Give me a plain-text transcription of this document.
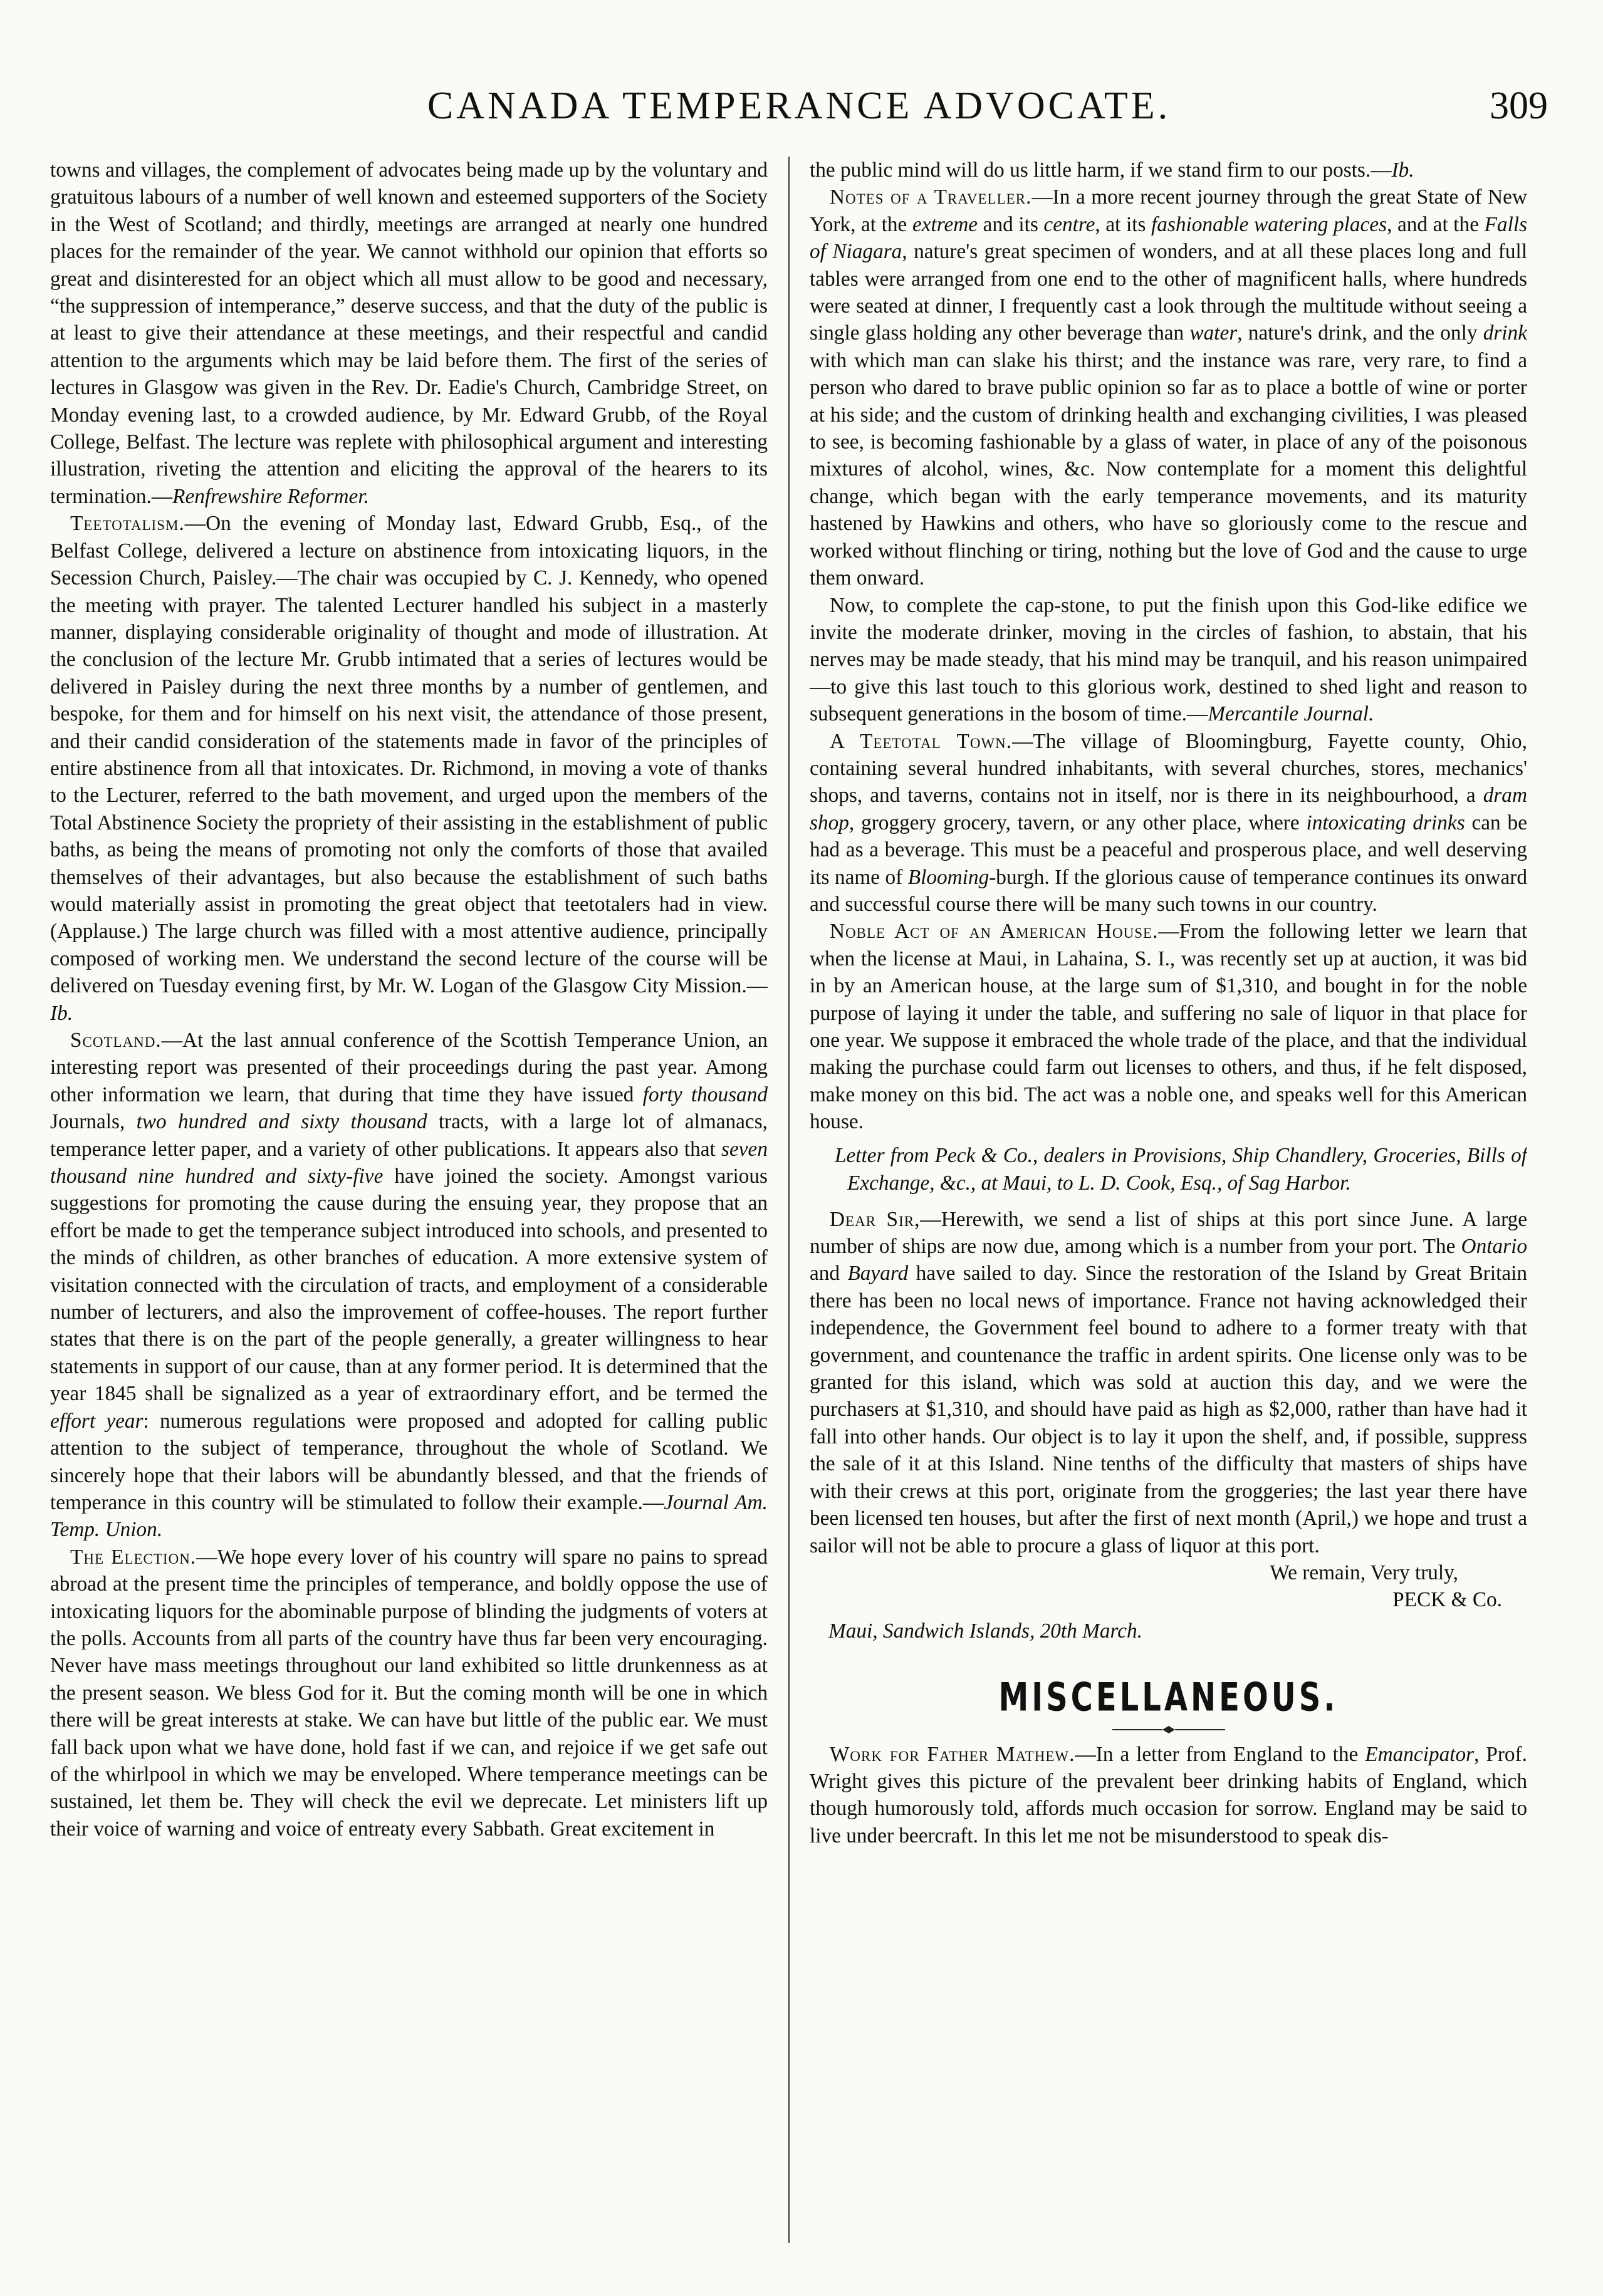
CANADA TEMPERANCE ADVOCATE.	309

towns and villages, the complement of advocates being made up by the voluntary and gratuitous labours of a number of well known and esteemed supporters of the Society in the West of Scotland; and thirdly, meetings are arranged at nearly one hundred places for the remainder of the year. We cannot withhold our opinion that efforts so great and disinterested for an object which all must allow to be good and necessary, “the suppression of intemperance,” deserve success, and that the duty of the public is at least to give their attendance at these meetings, and their respectful and candid attention to the arguments which may be laid before them. The first of the series of lectures in Glasgow was given in the Rev. Dr. Eadie's Church, Cambridge Street, on Monday evening last, to a crowded audience, by Mr. Edward Grubb, of the Royal College, Belfast. The lecture was replete with philosophical argument and interesting illustration, riveting the attention and eliciting the approval of the hearers to its termination.—Renfrewshire Reformer.

Teetotalism.—On the evening of Monday last, Edward Grubb, Esq., of the Belfast College, delivered a lecture on abstinence from intoxicating liquors, in the Secession Church, Paisley.—The chair was occupied by C. J. Kennedy, who opened the meeting with prayer. The talented Lecturer handled his subject in a masterly manner, displaying considerable originality of thought and mode of illustration. At the conclusion of the lecture Mr. Grubb intimated that a series of lectures would be delivered in Paisley during the next three months by a number of gentlemen, and bespoke, for them and for himself on his next visit, the attendance of those present, and their candid consideration of the statements made in favor of the principles of entire abstinence from all that intoxicates. Dr. Richmond, in moving a vote of thanks to the Lecturer, referred to the bath movement, and urged upon the members of the Total Abstinence Society the propriety of their assisting in the establishment of public baths, as being the means of promoting not only the comforts of those that availed themselves of their advantages, but also because the establishment of such baths would materially assist in promoting the great object that teetotalers had in view. (Applause.) The large church was filled with a most attentive audience, principally composed of working men. We understand the second lecture of the course will be delivered on Tuesday evening first, by Mr. W. Logan of the Glasgow City Mission.—Ib.

Scotland.—At the last annual conference of the Scottish Temperance Union, an interesting report was presented of their proceedings during the past year. Among other information we learn, that during that time they have issued forty thousand Journals, two hundred and sixty thousand tracts, with a large lot of almanacs, temperance letter paper, and a variety of other publications. It appears also that seven thousand nine hundred and sixty-five have joined the society. Amongst various suggestions for promoting the cause during the ensuing year, they propose that an effort be made to get the temperance subject introduced into schools, and presented to the minds of children, as other branches of education. A more extensive system of visitation connected with the circulation of tracts, and employment of a considerable number of lecturers, and also the improvement of coffee-houses. The report further states that there is on the part of the people generally, a greater willingness to hear statements in support of our cause, than at any former period. It is determined that the year 1845 shall be signalized as a year of extraordinary effort, and be termed the effort year: numerous regulations were proposed and adopted for calling public attention to the subject of temperance, throughout the whole of Scotland. We sincerely hope that their labors will be abundantly blessed, and that the friends of temperance in this country will be stimulated to follow their example.—Journal Am. Temp. Union.

The Election.—We hope every lover of his country will spare no pains to spread abroad at the present time the principles of temperance, and boldly oppose the use of intoxicating liquors for the abominable purpose of blinding the judgments of voters at the polls. Accounts from all parts of the country have thus far been very encouraging. Never have mass meetings throughout our land exhibited so little drunkenness as at the present season. We bless God for it. But the coming month will be one in which there will be great interests at stake. We can have but little of the public ear. We must fall back upon what we have done, hold fast if we can, and rejoice if we get safe out of the whirlpool in which we may be enveloped. Where temperance meetings can be sustained, let them be. They will check the evil we deprecate. Let ministers lift up their voice of warning and voice of entreaty every Sabbath. Great excitement in

the public mind will do us little harm, if we stand firm to our posts.—Ib.

Notes of a Traveller.—In a more recent journey through the great State of New York, at the extreme and its centre, at its fashionable watering places, and at the Falls of Niagara, nature's great specimen of wonders, and at all these places long and full tables were arranged from one end to the other of magnificent halls, where hundreds were seated at dinner, I frequently cast a look through the multitude without seeing a single glass holding any other beverage than water, nature's drink, and the only drink with which man can slake his thirst; and the instance was rare, very rare, to find a person who dared to brave public opinion so far as to place a bottle of wine or porter at his side; and the custom of drinking health and exchanging civilities, I was pleased to see, is becoming fashionable by a glass of water, in place of any of the poisonous mixtures of alcohol, wines, &c. Now contemplate for a moment this delightful change, which began with the early temperance movements, and its maturity hastened by Hawkins and others, who have so gloriously come to the rescue and worked without flinching or tiring, nothing but the love of God and the cause to urge them onward.

Now, to complete the cap-stone, to put the finish upon this God-like edifice we invite the moderate drinker, moving in the circles of fashion, to abstain, that his nerves may be made steady, that his mind may be tranquil, and his reason unimpaired—to give this last touch to this glorious work, destined to shed light and reason to subsequent generations in the bosom of time.—Mercantile Journal.

A Teetotal Town.—The village of Bloomingburg, Fayette county, Ohio, containing several hundred inhabitants, with several churches, stores, mechanics' shops, and taverns, contains not in itself, nor is there in its neighbourhood, a dram shop, groggery grocery, tavern, or any other place, where intoxicating drinks can be had as a beverage. This must be a peaceful and prosperous place, and well deserving its name of Blooming-burgh. If the glorious cause of temperance continues its onward and successful course there will be many such towns in our country.

Noble Act of an American House.—From the following letter we learn that when the license at Maui, in Lahaina, S. I., was recently set up at auction, it was bid in by an American house, at the large sum of $1,310, and bought in for the noble purpose of laying it under the table, and suffering no sale of liquor in that place for one year. We suppose it embraced the whole trade of the place, and that the individual making the purchase could farm out licenses to others, and thus, if he felt disposed, make money on this bid. The act was a noble one, and speaks well for this American house.

Letter from Peck & Co., dealers in Provisions, Ship Chandlery, Groceries, Bills of Exchange, &c., at Maui, to L. D. Cook, Esq., of Sag Harbor.

Dear Sir,—Herewith, we send a list of ships at this port since June. A large number of ships are now due, among which is a number from your port. The Ontario and Bayard have sailed to day. Since the restoration of the Island by Great Britain there has been no local news of importance. France not having acknowledged their independence, the Government feel bound to adhere to a former treaty with that government, and countenance the traffic in ardent spirits. One license only was to be granted for this island, which was sold at auction this day, and we were the purchasers at $1,310, and should have paid as high as $2,000, rather than have had it fall into other hands. Our object is to lay it upon the shelf, and, if possible, suppress the sale of it at this Island. Nine tenths of the difficulty that masters of ships have with their crews at this port, originate from the groggeries; the last year there have been licensed ten houses, but after the first of next month (April,) we hope and trust a sailor will not be able to procure a glass of liquor at this port.

We remain, Very truly,

PECK & Co.

Maui, Sandwich Islands, 20th March.

MISCELLANEOUS.

Work for Father Mathew.—In a letter from England to the Emancipator, Prof. Wright gives this picture of the prevalent beer drinking habits of England, which though humorously told, affords much occasion for sorrow. England may be said to live under beercraft. In this let me not be misunderstood to speak dis-
